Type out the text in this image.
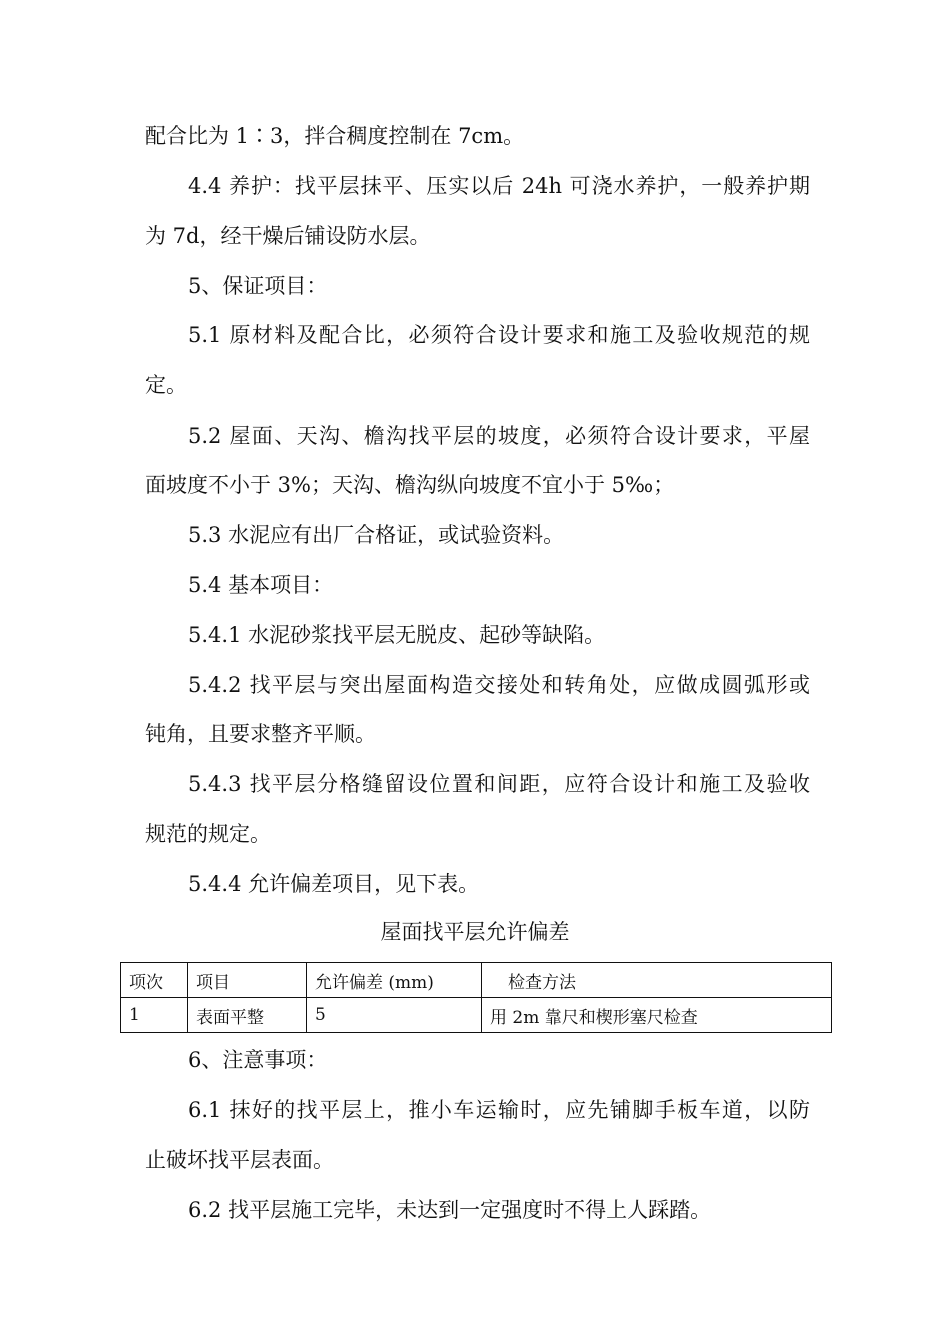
配合比为 1∶3，拌合稠度控制在 7cm。
4.4 养护：找平层抹平、压实以后 24h 可浇水养护，一般养护期
为 7d，经干燥后铺设防水层。
5、保证项目：
5.1 原材料及配合比，必须符合设计要求和施工及验收规范的规
定。
5.2 屋面、天沟、檐沟找平层的坡度，必须符合设计要求，平屋
面坡度不小于 3%；天沟、檐沟纵向坡度不宜小于 5‰；
5.3 水泥应有出厂合格证，或试验资料。
5.4 基本项目：
5.4.1 水泥砂浆找平层无脱皮、起砂等缺陷。
5.4.2 找平层与突出屋面构造交接处和转角处，应做成圆弧形或
钝角，且要求整齐平顺。
5.4.3 找平层分格缝留设位置和间距，应符合设计和施工及验收
规范的规定。
5.4.4 允许偏差项目，见下表。
屋面找平层允许偏差
项次	项目	允许偏差 (mm)	检查方法
1	表面平整	5	用 2m 靠尺和楔形塞尺检查
6、注意事项：
6.1 抹好的找平层上，推小车运输时，应先铺脚手板车道，以防
止破坏找平层表面。
6.2 找平层施工完毕，未达到一定强度时不得上人踩踏。
